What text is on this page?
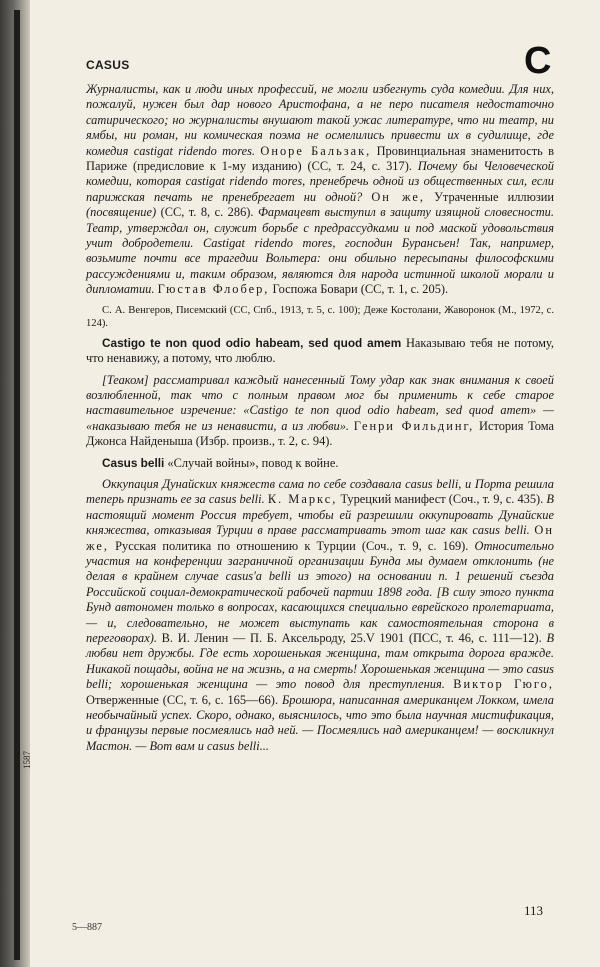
CASUS	C

Журналисты, как и люди иных профессий, не могли избегнуть суда комедии. Для них, пожалуй, нужен был дар нового Аристофана, а не перо писателя недостаточно сатирического; но журналисты внушают такой ужас литературе, что ни театр, ни ямбы, ни роман, ни комическая поэма не осмелились привести их в судилище, где комедия castigat ridendo mores. Оноре Бальзак, Провинциальная знаменитость в Париже (предисловие к 1-му изданию) (СС, т. 24, с. 317). Почему бы Человеческой комедии, которая castigat ridendo mores, пренебречь одной из общественных сил, если парижская печать не пренебрегает ни одной? Он же, Утраченные иллюзии (посвящение) (СС, т. 8, с. 286). Фармацевт выступил в защиту изящной словесности. Театр, утверждал он, служит борьбе с предрассудками и под маской удовольствия учит добродетели. Castigat ridendo mores, господин Бурансьен! Так, например, возьмите почти все трагедии Вольтера: они обильно пересыпаны философскими рассуждениями и, таким образом, являются для народа истинной школой морали и дипломатии. Гюстав Флобер, Госпожа Бовари (СС, т. 1, с. 205).

С. А. Венгеров, Писемский (СС, Спб., 1913, т. 5, с. 100); Деже Костолани, Жаворонок (М., 1972, с. 124).

Castigo te non quod odio habeam, sed quod amem Наказываю тебя не потому, что ненавижу, а потому, что люблю.

[Теаком] рассматривал каждый нанесенный Тому удар как знак внимания к своей возлюбленной, так что с полным правом мог бы применить к себе старое наставительное изречение: «Castigo te non quod odio habeam, sed quod amem» — «наказываю тебя не из ненависти, а из любви». Генри Фильдинг, История Тома Джонса Найденыша (Избр. произв., т. 2, с. 94).

Casus belli «Случай войны», повод к войне.

Оккупация Дунайских княжеств сама по себе создавала casus belli, и Порта решила теперь признать ее за casus belli. К. Маркс, Турецкий манифест (Соч., т. 9, с. 435). В настоящий момент Россия требует, чтобы ей разрешили оккупировать Дунайские княжества, отказывая Турции в праве рассматривать этот шаг как casus belli. Он же, Русская политика по отношению к Турции (Соч., т. 9, с. 169). Относительно участия на конференции заграничной организации Бунда мы думаем отклонить (не делая в крайнем случае casus'а belli из этого) на основании п. 1 решений съезда Российской социал-демократической рабочей партии 1898 года. [В силу этого пункта Бунд автономен только в вопросах, касающихся специально еврейского пролетариата, — и, следовательно, не может выступать как самостоятельная сторона в переговорах). В. И. Ленин — П. Б. Аксельроду, 25.V 1901 (ПСС, т. 46, с. 111—12). В любви нет дружбы. Где есть хорошенькая женщина, там открыта дорога вражде. Никакой пощады, война не на жизнь, а на смерть! Хорошенькая женщина — это casus belli; хорошенькая женщина — это повод для преступления. Виктор Гюго, Отверженные (СС, т. 6, с. 165—66). Брошюра, написанная американцем Локком, имела необычайный успех. Скоро, однако, выяснилось, что это была научная мистификация, и французы первые посмеялись над ней. — Посмеялись над американцем! — воскликнул Мастон. — Вот вам и casus belli...

113
5—887
1587
